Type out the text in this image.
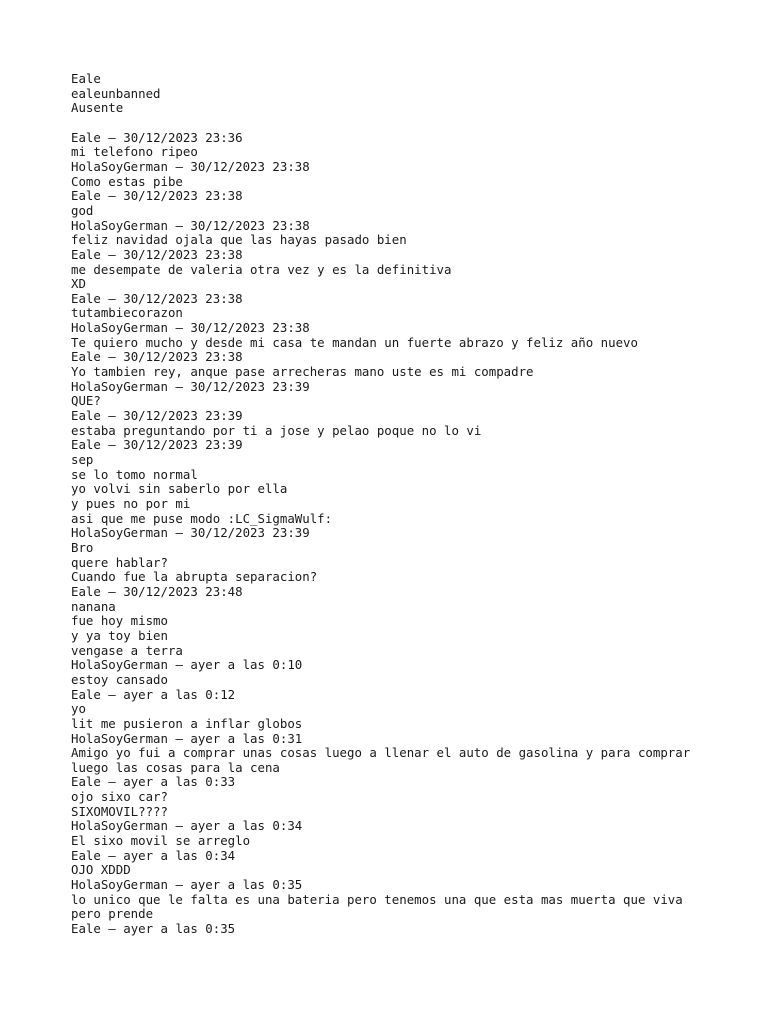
Eale
ealeunbanned
Ausente
Eale — 30/12/2023 23:36
mi telefono ripeo
HolaSoyGerman — 30/12/2023 23:38
Como estas pibe
Eale — 30/12/2023 23:38
god
HolaSoyGerman — 30/12/2023 23:38
feliz navidad ojala que las hayas pasado bien
Eale — 30/12/2023 23:38
me desempate de valeria otra vez y es la definitiva
XD
Eale — 30/12/2023 23:38
tutambiecorazon
HolaSoyGerman — 30/12/2023 23:38
Te quiero mucho y desde mi casa te mandan un fuerte abrazo y feliz año nuevo
Eale — 30/12/2023 23:38
Yo tambien rey, anque pase arrecheras mano uste es mi compadre
HolaSoyGerman — 30/12/2023 23:39
QUE?
Eale — 30/12/2023 23:39
estaba preguntando por ti a jose y pelao poque no lo vi
Eale — 30/12/2023 23:39
sep
se lo tomo normal
yo volvi sin saberlo por ella
y pues no por mi
asi que me puse modo :LC_SigmaWulf:
HolaSoyGerman — 30/12/2023 23:39
Bro
quere hablar?
Cuando fue la abrupta separacion?
Eale — 30/12/2023 23:48
nanana
fue hoy mismo
y ya toy bien
vengase a terra
HolaSoyGerman — ayer a las 0:10
estoy cansado
Eale — ayer a las 0:12
yo
lit me pusieron a inflar globos
HolaSoyGerman — ayer a las 0:31
Amigo yo fui a comprar unas cosas luego a llenar el auto de gasolina y para comprar
luego las cosas para la cena
Eale — ayer a las 0:33
ojo sixo car?
SIXOMOVIL????
HolaSoyGerman — ayer a las 0:34
El sixo movil se arreglo
Eale — ayer a las 0:34
OJO XDDD
HolaSoyGerman — ayer a las 0:35
lo unico que le falta es una bateria pero tenemos una que esta mas muerta que viva
pero prende
Eale — ayer a las 0:35
